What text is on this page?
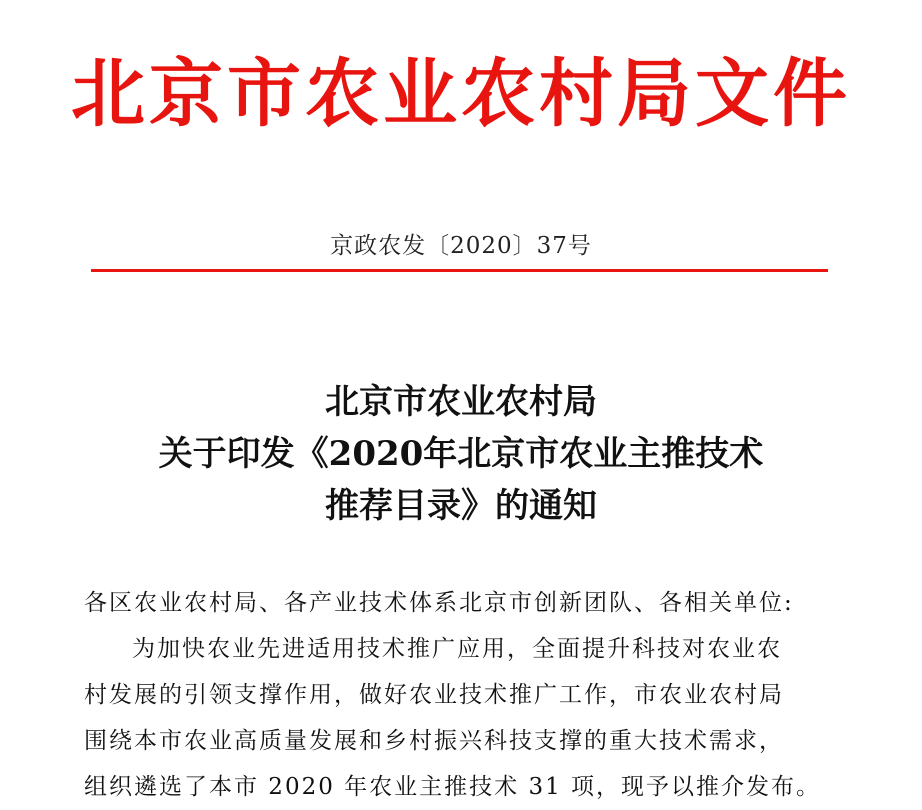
北京市农业农村局文件
京政农发〔2020〕37号
北京市农业农村局
关于印发《2020年北京市农业主推技术
推荐目录》的通知
各区农业农村局、各产业技术体系北京市创新团队、各相关单位:
为加快农业先进适用技术推广应用，全面提升科技对农业农
村发展的引领支撑作用，做好农业技术推广工作，市农业农村局
围绕本市农业高质量发展和乡村振兴科技支撑的重大技术需求，
组织遴选了本市 2020 年农业主推技术 31 项，现予以推介发布。
